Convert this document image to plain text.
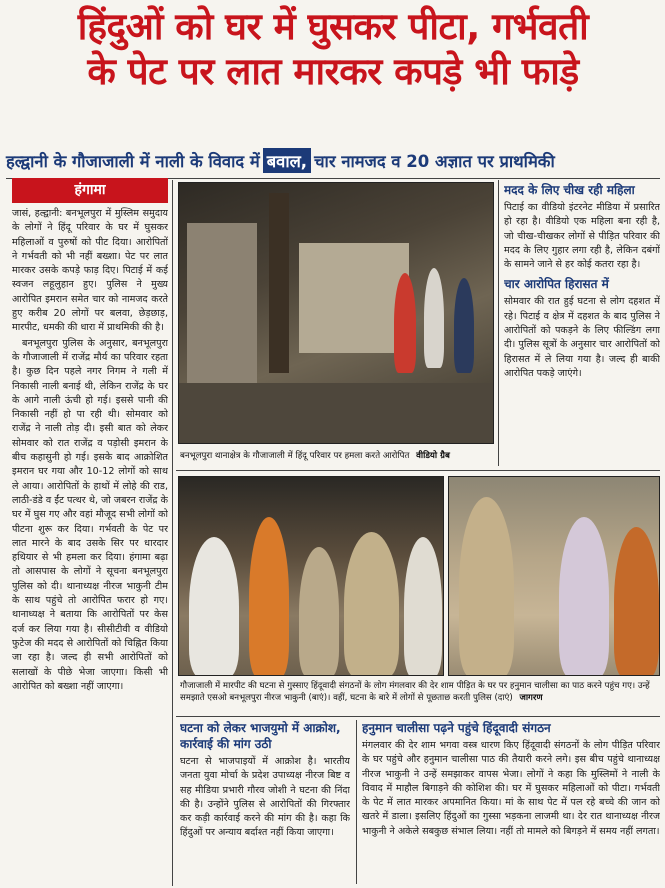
हिंदुओं को घर में घुसकर पीटा, गर्भवती
के पेट पर लात मारकर कपड़े भी फाड़े
हल्द्वानी के गौजाजाली में नाली के विवाद में बवाल, चार नामजद व 20 अज्ञात पर प्राथमिकी
हंगामा

जासं, हल्द्वानी: बनभूलपुरा में मुस्लिम समुदाय के लोगों ने हिंदू परिवार के घर में घुसकर महिलाओं व पुरुषों को पीट दिया। आरोपितों ने गर्भवती को भी नहीं बख्शा। पेट पर लात मारकर उसके कपड़े फाड़ दिए। पिटाई में कई स्वजन लहूलुहान हुए। पुलिस ने मुख्य आरोपित इमरान समेत चार को नामजद करते हुए करीब 20 लोगों पर बलवा, छेड़छाड़, मारपीट, धमकी की धारा में प्राथमिकी की है।

बनभूलपुरा पुलिस के अनुसार, बनभूलपुरा के गौजाजाली में राजेंद्र मौर्य का परिवार रहता है। कुछ दिन पहले नगर निगम ने गली में निकासी नाली बनाई थी, लेकिन राजेंद्र के घर के आगे नाली ऊंची हो गई। इससे पानी की निकासी नहीं हो पा रही थी। सोमवार को राजेंद्र ने नाली तोड़ दी। इसी बात को लेकर सोमवार को रात राजेंद्र व पड़ोसी इमरान के बीच कहासुनी हो गई। इसके बाद आक्रोशित इमरान घर गया और 10-12 लोगों को साथ ले आया। आरोपितों के हाथों में लोहे की राड, लाठी-डंडे व ईंट पत्थर थे, जो जबरन राजेंद्र के घर में घुस गए और वहां मौजूद सभी लोगों को पीटना शुरू कर दिया। गर्भवती के पेट पर लात मारने के बाद उसके सिर पर धारदार हथियार से भी हमला कर दिया। हंगामा बढ़ा तो आसपास के लोगों ने सूचना बनभूलपुरा पुलिस को दी। थानाध्यक्ष नीरज भाकुनी टीम के साथ पहुंचे तो आरोपित फरार हो गए। थानाध्यक्ष ने बताया कि आरोपितों पर केस दर्ज कर लिया गया है। सीसीटीवी व वीडियो फुटेज की मदद से आरोपितों को चिह्नित किया जा रहा है। जल्द ही सभी आरोपितों को सलाखों के पीछे भेजा जाएगा। किसी भी आरोपित को बख्शा नहीं जाएगा।

बनभूलपुरा थानाक्षेत्र के गौजाजाली में हिंदू परिवार पर हमला करते आरोपित वीडियो ग्रैब
मदद के लिए चीख रही महिला
पिटाई का वीडियो इंटरनेट मीडिया में प्रसारित हो रहा है। वीडियो एक महिला बना रही है, जो चीख-चीखकर लोगों से पीड़ित परिवार की मदद के लिए गुहार लगा रही है, लेकिन दबंगों के सामने जाने से हर कोई कतरा रहा है।
चार आरोपित हिरासत में
सोमवार की रात हुई घटना से लोग दहशत में रहे। पिटाई व क्षेत्र में दहशत के बाद पुलिस ने आरोपितों को पकड़ने के लिए फील्डिंग लगा दी। पुलिस सूत्रों के अनुसार चार आरोपितों को हिरासत में ले लिया गया है। जल्द ही बाकी आरोपित पकड़े जाएंगे।
गौजाजाली में मारपीट की घटना से गुस्साए हिंदूवादी संगठनों के लोग मंगलवार की देर शाम पीड़ित के घर पर हनुमान चालीसा का पाठ करने पहुंच गए। उन्हें समझाते एसओ बनभूलपुरा नीरज भाकुनी (बाएं)। वहीं, घटना के बारे में लोगों से पूछताछ करती पुलिस (दाएं) जागरण
घटना को लेकर भाजयुमो में आक्रोश, कार्रवाई की मांग उठी
घटना से भाजपाइयों में आक्रोश है। भारतीय जनता युवा मोर्चा के प्रदेश उपाध्यक्ष नीरज बिष्ट व सह मीडिया प्रभारी गौरव जोशी ने घटना की निंदा की है। उन्होंने पुलिस से आरोपितों की गिरफ्तार कर कड़ी कार्रवाई करने की मांग की है। कहा कि हिंदुओं पर अन्याय बर्दाश्त नहीं किया जाएगा।
हनुमान चालीसा पढ़ने पहुंचे हिंदूवादी संगठन
मंगलवार की देर शाम भगवा वस्त्र धारण किए हिंदूवादी संगठनों के लोग पीड़ित परिवार के घर पहुंचे और हनुमान चालीसा पाठ की तैयारी करने लगे। इस बीच पहुंचे थानाध्यक्ष नीरज भाकुनी ने उन्हें समझाकर वापस भेजा। लोगों ने कहा कि मुस्लिमों ने नाली के विवाद में माहौल बिगाड़ने की कोशिश की। घर में घुसकर महिलाओं को पीटा। गर्भवती के पेट में लात मारकर अपमानित किया। मां के साथ पेट में पल रहे बच्चे की जान को खतरे में डाला। इसलिए हिंदुओं का गुस्सा भड़कना लाजमी था। देर रात थानाध्यक्ष नीरज भाकुनी ने अकेले सबकुछ संभाल लिया। नहीं तो मामले को बिगड़ने में समय नहीं लगता।
